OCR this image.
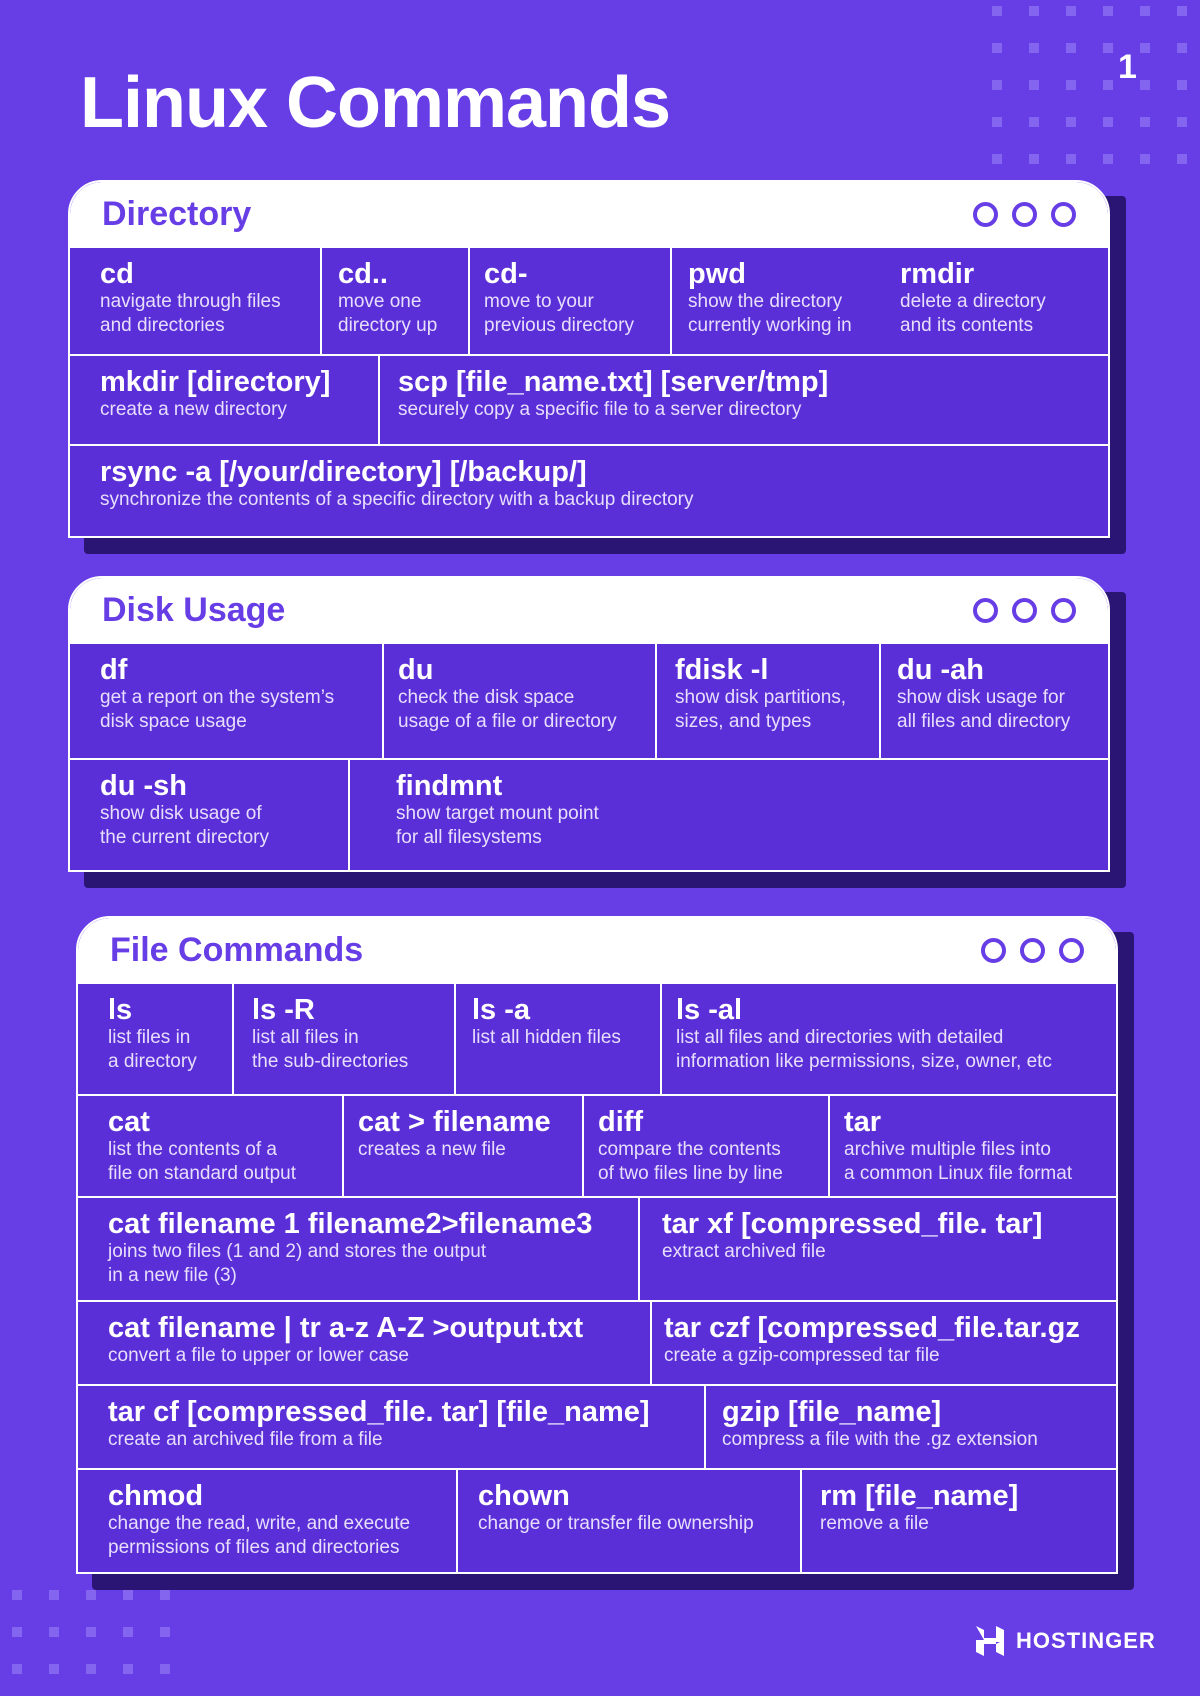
1
Linux Commands
Directory
cd
navigate through files
and directories
cd..
move one
directory up
cd-
move to your
previous directory
pwd
show the directory
currently working in
rmdir
delete a directory
and its contents
mkdir [directory]
create a new directory
scp [file_name.txt] [server/tmp]
securely copy a specific file to a server directory
rsync -a [/your/directory] [/backup/]
synchronize the contents of a specific directory with a backup directory
Disk Usage
df
get a report on the system’s
disk space usage
du
check the disk space
usage of a file or directory
fdisk -l
show disk partitions,
sizes, and types
du -ah
show disk usage for
all files and directory
du -sh
show disk usage of
the current directory
findmnt
show target mount point
for all filesystems
File Commands
ls
list files in
a directory
ls -R
list all files in
the sub-directories
ls -a
list all hidden files
ls -al
list all files and directories with detailed
information like permissions, size, owner, etc
cat
list the contents of a
file on standard output
cat > filename
creates a new file
diff
compare the contents
of two files line by line
tar
archive multiple files into
a common Linux file format
cat filename 1 filename2>filename3
joins two files (1 and 2) and stores the output
in a new file (3)
tar xf [compressed_file. tar]
extract archived file
cat filename | tr a-z A-Z >output.txt
convert a file to upper or lower case
tar czf [compressed_file.tar.gz
create a gzip-compressed tar file
tar cf [compressed_file. tar] [file_name]
create an archived file from a file
gzip [file_name]
compress a file with the .gz extension
chmod
change the read, write, and execute
permissions of files and directories
chown
change or transfer file ownership
rm [file_name]
remove a file
HOSTINGER
